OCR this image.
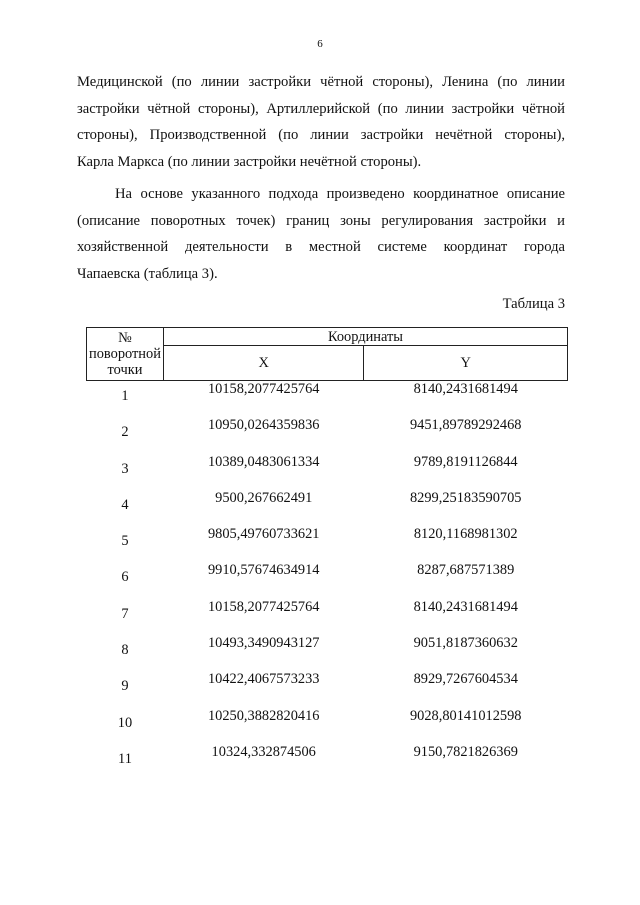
6
Медицинской (по линии застройки чётной стороны), Ленина (по линии
застройки чётной стороны), Артиллерийской (по линии застройки чётной
стороны), Производственной (по линии застройки нечётной стороны),
Карла Маркса (по линии застройки нечётной стороны).
На основе указанного подхода произведено координатное описание
(описание поворотных точек) границ зоны регулирования застройки и
хозяйственной деятельности в местной системе координат города
Чапаевска (таблица 3).
Таблица 3
№
поворотной
точки	Координаты	
	X	Y
1	10158,2077425764	8140,2431681494
2	10950,0264359836	9451,89789292468
3	10389,0483061334	9789,8191126844
4	9500,267662491	8299,25183590705
5	9805,49760733621	8120,1168981302
6	9910,57674634914	8287,687571389
7	10158,2077425764	8140,2431681494
8	10493,3490943127	9051,8187360632
9	10422,4067573233	8929,7267604534
10	10250,3882820416	9028,80141012598
11	10324,332874506	9150,7821826369
